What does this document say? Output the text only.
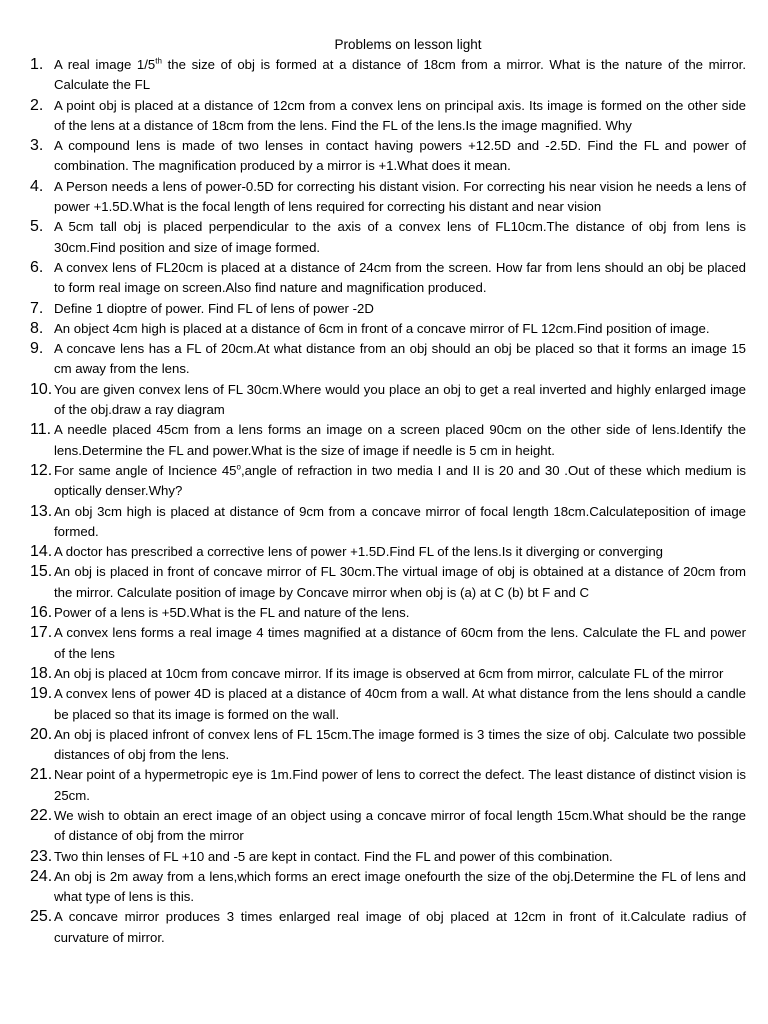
Problems on lesson light
1. A real image 1/5th the size of obj is formed at a distance of 18cm from a mirror. What is the nature of the mirror. Calculate the FL
2. A point obj is placed at a distance of 12cm from a convex lens on principal axis. Its image is formed on the other side of the lens at a distance of 18cm from the lens. Find the FL of the lens.Is the image magnified. Why
3. A compound lens is made of two lenses in contact having powers +12.5D and -2.5D. Find the FL and power of combination. The magnification produced by a mirror is +1.What does it mean.
4. A Person needs a lens of power-0.5D for correcting his distant vision. For correcting his near vision he needs a lens of power +1.5D.What is the focal length of lens required for correcting his distant and near vision
5. A 5cm tall obj is placed perpendicular to the axis of a convex lens of FL10cm.The distance of obj from lens is 30cm.Find position and size of image formed.
6. A convex lens of FL20cm is placed at a distance of 24cm from the screen. How far from lens should an obj be placed to form real image on screen.Also find nature and magnification produced.
7. Define 1 dioptre of power. Find FL of lens of power -2D
8. An object 4cm high is placed at a distance of 6cm in front of a concave mirror of FL 12cm.Find position of image.
9. A concave lens has a FL of 20cm.At what distance from an obj should an obj be placed so that it forms an image 15 cm away from the lens.
10. You are given convex lens of FL 30cm.Where would you place an obj to get a real inverted and highly enlarged image of the obj.draw a ray diagram
11. A needle placed 45cm from a lens forms an image on a screen placed 90cm on the other side of lens.Identify the lens.Determine the FL and power.What is the size of image if needle is 5 cm in height.
12. For same angle of Incience 45$^o$,angle of refraction in two media I and II is 20 and 30 .Out of these which medium is optically denser.Why?
13. An obj 3cm high is placed at distance of 9cm from a concave mirror of focal length 18cm.Calculateposition of image formed.
14. A doctor has prescribed a corrective lens of power +1.5D.Find FL of the lens.Is it diverging or converging
15. An obj is placed in front of concave mirror of FL 30cm.The virtual image of obj is obtained at a distance of 20cm from the mirror. Calculate position of image by Concave mirror when obj is (a) at C (b) bt F and C
16. Power of a lens is +5D.What is the FL and nature of the lens.
17. A convex lens forms a real image 4 times magnified at a distance of 60cm from the lens. Calculate the FL and power of the lens
18. An obj is placed at 10cm from concave mirror. If its image is observed at 6cm from mirror, calculate FL of the mirror
19. A convex lens of power 4D is placed at a distance of 40cm from a wall. At what distance from the lens should a candle be placed so that its image is formed on the wall.
20. An obj is placed infront of convex lens of FL 15cm.The image formed is 3 times the size of obj. Calculate two possible distances of obj from the lens.
21. Near point of a hypermetropic eye is 1m.Find power of lens to correct the defect. The least distance of distinct vision is 25cm.
22. We wish to obtain an erect image of an object using a concave mirror of focal length 15cm.What should be the range of distance of obj from the mirror
23. Two thin lenses of FL +10 and -5 are kept in contact. Find the FL and power of this combination.
24. An obj is 2m away from a lens,which forms an erect image onefourth the size of the obj.Determine the FL of lens and what type of lens is this.
25. A concave mirror produces 3 times enlarged real image of obj placed at 12cm in front of it.Calculate radius of curvature of mirror.
